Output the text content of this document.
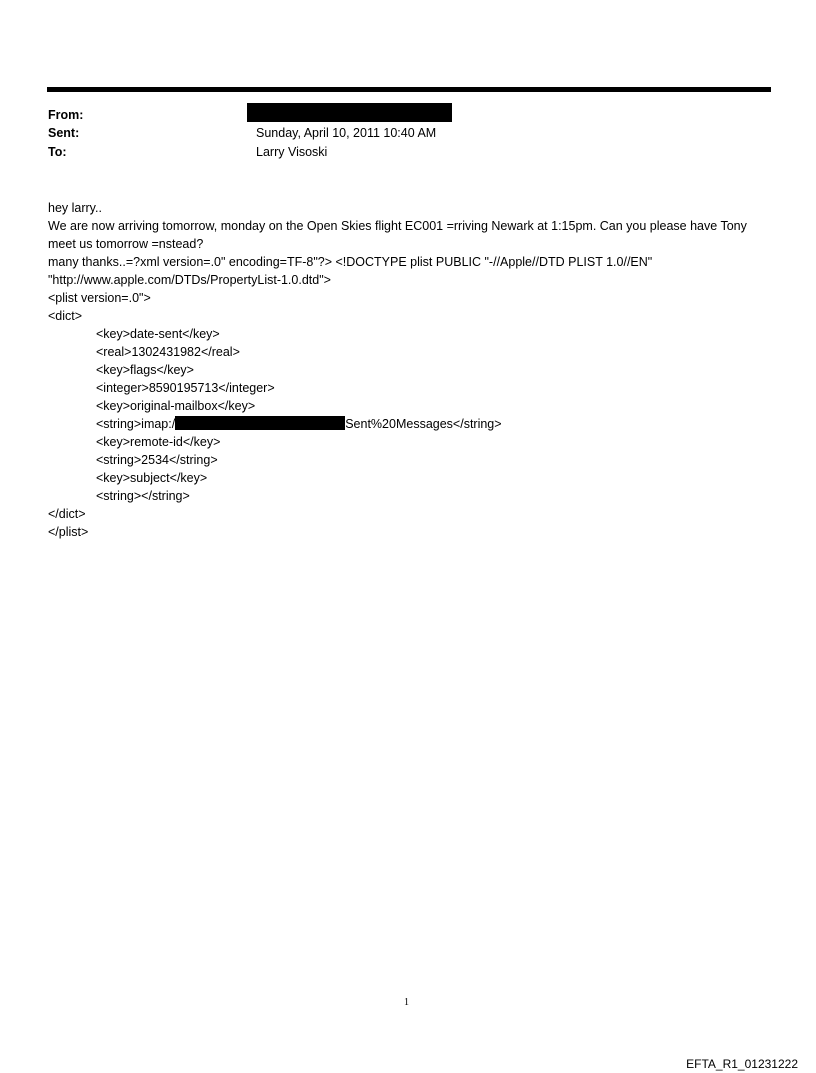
From:
Sent:	Sunday, April 10, 2011 10:40 AM
To:	Larry Visoski
hey larry..
We are now arriving tomorrow, monday on the Open Skies flight EC001 =rriving Newark at 1:15pm. Can you please have Tony meet us tomorrow =nstead?
many thanks..=?xml version=.0" encoding=TF-8"?> <!DOCTYPE plist PUBLIC "-//Apple//DTD PLIST 1.0//EN"
"http://www.apple.com/DTDs/PropertyList-1.0.dtd">
<plist version=.0">
<dict>
<key>date-sent</key>
<real>1302431982</real>
<key>flags</key>
<integer>8590195713</integer>
<key>original-mailbox</key>
<string>imap:/	Sent%20Messages</string>
<key>remote-id</key>
<string>2534</string>
<key>subject</key>
<string></string>
</dict>
</plist>
1
EFTA_R1_01231222
